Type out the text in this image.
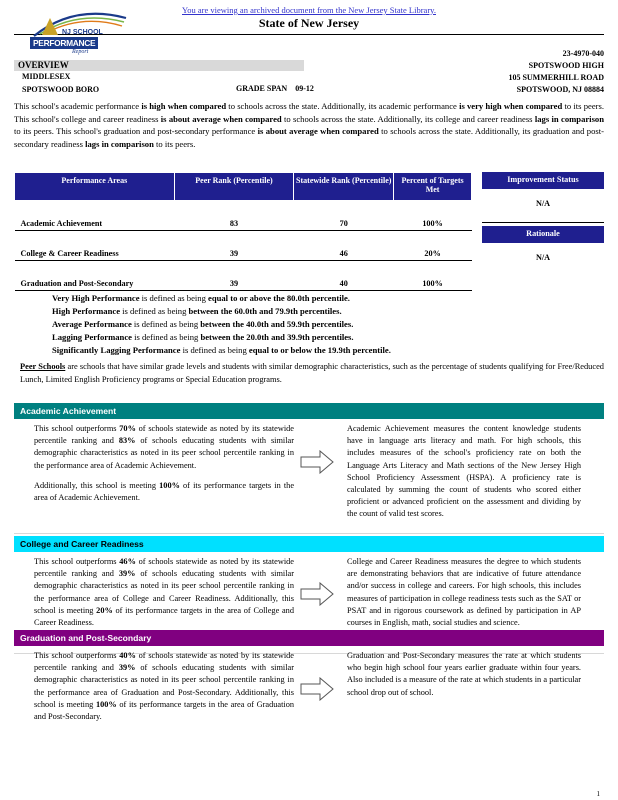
You are viewing an archived document from the New Jersey State Library.
State of New Jersey
NJ SCHOOL
PERFORMANCE
Report	23-4970-040
OVERVIEW
MIDDLESEX
SPOTSWOOD BORO	GRADE SPAN 09-12
SPOTSWOOD HIGH
105 SUMMERHILL ROAD
SPOTSWOOD, NJ 08884
This school's academic performance is high when compared to schools across the state. Additionally, its academic performance is very high when compared to its peers. This school's college and career readiness is about average when compared to schools across the state. Additionally, its college and career readiness lags in comparison to its peers. This school's graduation and post-secondary performance is about average when compared to schools across the state. Additionally, its graduation and post-secondary readiness lags in comparison to its peers.
Performance Areas	Peer Rank (Percentile)	Statewide Rank (Percentile)	Percent of Targets Met
Academic Achievement	83	70	100%
College & Career Readiness	39	46	20%
Graduation and Post-Secondary	39	40	100%
Improvement Status
N/A
Rationale
N/A
Very High Performance is defined as being equal to or above the 80.0th percentile.
High Performance is defined as being between the 60.0th and 79.9th percentiles.
Average Performance is defined as being between the 40.0th and 59.9th percentiles.
Lagging Performance is defined as being between the 20.0th and 39.9th percentiles.
Significantly Lagging Performance is defined as being equal to or below the 19.9th percentile.
Peer Schools are schools that have similar grade levels and students with similar demographic characteristics, such as the percentage of students qualifying for Free/Reduced Lunch, Limited English Proficiency programs or Special Education programs.
Academic Achievement

This school outperforms 70% of schools statewide as noted by its statewide percentile ranking and 83% of schools educating students with similar demographic characteristics as noted in its peer school percentile ranking in the performance area of Academic Achievement.

Additionally, this school is meeting 100% of its performance targets in the area of Academic Achievement.

Academic Achievement measures the content knowledge students have in language arts literacy and math. For high schools, this includes measures of the school's proficiency rate on both the Language Arts Literacy and Math sections of the New Jersey High School Proficiency Assessment (HSPA). A proficiency rate is calculated by summing the count of students who scored either proficient or advanced proficient on the assessment and dividing by the count of valid test scores.
College and Career Readiness

This school outperforms 46% of schools statewide as noted by its statewide percentile ranking and 39% of schools educating students with similar demographic characteristics as noted in its peer school percentile ranking in the performance area of College and Career Readiness. Additionally, this school is meeting 20% of its performance targets in the area of College and Career Readiness.

College and Career Readiness measures the degree to which students are demonstrating behaviors that are indicative of future attendance and/or success in college and careers. For high schools, this includes measures of participation in college readiness tests such as the SAT or PSAT and in rigorous coursework as defined by participation in AP courses in English, math, social studies and science.
Graduation and Post-Secondary

This school outperforms 40% of schools statewide as noted by its statewide percentile ranking and 39% of schools educating students with similar demographic characteristics as noted in its peer school percentile ranking in the performance area of Graduation and Post-Secondary. Additionally, this school is meeting 100% of its performance targets in the area of Graduation and Post-Secondary.

Graduation and Post-Secondary measures the rate at which students who begin high school four years earlier graduate within four years. Also included is a measure of the rate at which students in a particular school drop out of school.
1
